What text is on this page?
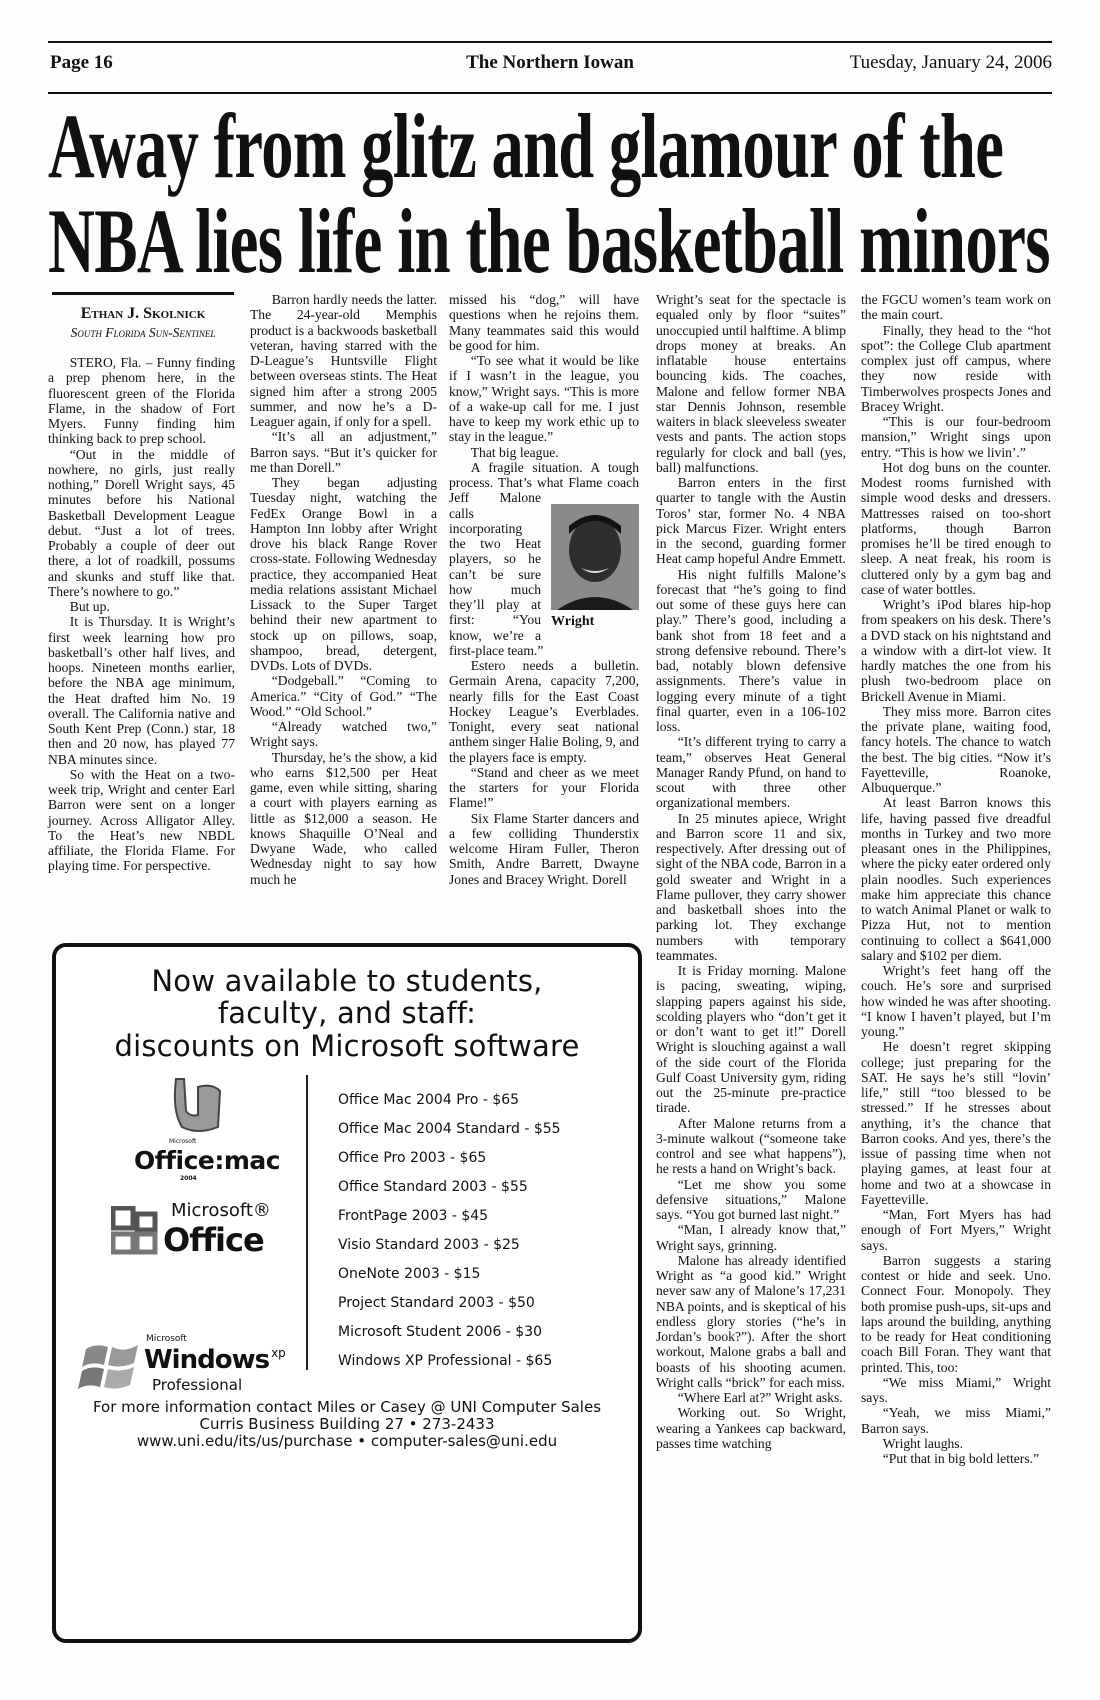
Page 16	The Northern Iowan	Tuesday, January 24, 2006
Away from glitz and glamour of the
NBA lies life in the basketball minors
Ethan J. Skolnick
South Florida Sun-Sentinel

STERO, Fla. – Funny finding a prep phenom here, in the fluorescent green of the Florida Flame, in the shadow of Fort Myers. Funny finding him thinking back to prep school.

“Out in the middle of nowhere, no girls, just really nothing,” Dorell Wright says, 45 minutes before his National Basketball Development League debut. “Just a lot of trees. Probably a couple of deer out there, a lot of roadkill, possums and skunks and stuff like that. There’s nowhere to go.”

But up.

It is Thursday. It is Wright’s first week learning how pro basketball’s other half lives, and hoops. Nineteen months earlier, before the NBA age minimum, the Heat drafted him No. 19 overall. The California native and South Kent Prep (Conn.) star, 18 then and 20 now, has played 77 NBA minutes since.

So with the Heat on a two-week trip, Wright and center Earl Barron were sent on a longer journey. Across Alligator Alley. To the Heat’s new NBDL affiliate, the Florida Flame. For playing time. For perspective.

Barron hardly needs the latter. The 24-year-old Memphis product is a backwoods basketball veteran, having starred with the D-League’s Huntsville Flight between overseas stints. The Heat signed him after a strong 2005 summer, and now he’s a D-Leaguer again, if only for a spell.

“It’s all an adjustment,” Barron says. “But it’s quicker for me than Dorell.”

They began adjusting Tuesday night, watching the FedEx Orange Bowl in a Hampton Inn lobby after Wright drove his black Range Rover cross-state. Following Wednesday practice, they accompanied Heat media relations assistant Michael Lissack to the Super Target behind their new apartment to stock up on pillows, soap, shampoo, bread, detergent, DVDs. Lots of DVDs.

“Dodgeball.” “Coming to America.” “City of God.” “The Wood.” “Old School.”

“Already watched two,” Wright says.

Thursday, he’s the show, a kid who earns $12,500 per Heat game, even while sitting, sharing a court with players earning as little as $12,000 a season. He knows Shaquille O’Neal and Dwyane Wade, who called Wednesday night to say how much he

Wright

missed his “dog,” will have questions when he rejoins them. Many teammates said this would be good for him.

“To see what it would be like if I wasn’t in the league, you know,” Wright says. “This is more of a wake-up call for me. I just have to keep my work ethic up to stay in the league.”

That big league.

A fragile situation. A tough process. That’s what Flame coach Jeff Malone calls incorporating the two Heat players, so he can’t be sure how much they’ll play at first: “You know, we’re a first-place team.”

Estero needs a bulletin. Germain Arena, capacity 7,200, nearly fills for the East Coast Hockey League’s Everblades. Tonight, every seat national anthem singer Halie Boling, 9, and the players face is empty.

“Stand and cheer as we meet the starters for your Florida Flame!”

Six Flame Starter dancers and a few colliding Thunderstix welcome Hiram Fuller, Theron Smith, Andre Barrett, Dwayne Jones and Bracey Wright. Dorell

Wright’s seat for the spectacle is equaled only by floor “suites” unoccupied until halftime. A blimp drops money at breaks. An inflatable house entertains bouncing kids. The coaches, Malone and fellow former NBA star Dennis Johnson, resemble waiters in black sleeveless sweater vests and pants. The action stops regularly for clock and ball (yes, ball) malfunctions.

Barron enters in the first quarter to tangle with the Austin Toros’ star, former No. 4 NBA pick Marcus Fizer. Wright enters in the second, guarding former Heat camp hopeful Andre Emmett.

His night fulfills Malone’s forecast that “he’s going to find out some of these guys here can play.” There’s good, including a bank shot from 18 feet and a strong defensive rebound. There’s bad, notably blown defensive assignments. There’s value in logging every minute of a tight final quarter, even in a 106-102 loss.

“It’s different trying to carry a team,” observes Heat General Manager Randy Pfund, on hand to scout with three other organizational members.

In 25 minutes apiece, Wright and Barron score 11 and six, respectively. After dressing out of sight of the NBA code, Barron in a gold sweater and Wright in a Flame pullover, they carry shower and basketball shoes into the parking lot. They exchange numbers with temporary teammates.

It is Friday morning. Malone is pacing, sweating, wiping, slapping papers against his side, scolding players who “don’t get it or don’t want to get it!” Dorell Wright is slouching against a wall of the side court of the Florida Gulf Coast University gym, riding out the 25-minute pre-practice tirade.

After Malone returns from a 3-minute walkout (“someone take control and see what happens”), he rests a hand on Wright’s back.

“Let me show you some defensive situations,” Malone says. “You got burned last night.”

“Man, I already know that,” Wright says, grinning.

Malone has already identified Wright as “a good kid.” Wright never saw any of Malone’s 17,231 NBA points, and is skeptical of his endless glory stories (“he’s in Jordan’s book?”). After the short workout, Malone grabs a ball and boasts of his shooting acumen. Wright calls “brick” for each miss.

“Where Earl at?” Wright asks.

Working out. So Wright, wearing a Yankees cap backward, passes time watching

the FGCU women’s team work on the main court.

Finally, they head to the “hot spot”: the College Club apartment complex just off campus, where they now reside with Timberwolves prospects Jones and Bracey Wright.

“This is our four-bedroom mansion,” Wright sings upon entry. “This is how we livin’.”

Hot dog buns on the counter. Modest rooms furnished with simple wood desks and dressers. Mattresses raised on too-short platforms, though Barron promises he’ll be tired enough to sleep. A neat freak, his room is cluttered only by a gym bag and case of water bottles.

Wright’s iPod blares hip-hop from speakers on his desk. There’s a DVD stack on his nightstand and a window with a dirt-lot view. It hardly matches the one from his plush two-bedroom place on Brickell Avenue in Miami.

They miss more. Barron cites the private plane, waiting food, fancy hotels. The chance to watch the best. The big cities. “Now it’s Fayetteville, Roanoke, Albuquerque.”

At least Barron knows this life, having passed five dreadful months in Turkey and two more pleasant ones in the Philippines, where the picky eater ordered only plain noodles. Such experiences make him appreciate this chance to watch Animal Planet or walk to Pizza Hut, not to mention continuing to collect a $641,000 salary and $102 per diem.

Wright’s feet hang off the couch. He’s sore and surprised how winded he was after shooting. “I know I haven’t played, but I’m young.”

He doesn’t regret skipping college; just preparing for the SAT. He says he’s still “lovin’ life,” still “too blessed to be stressed.” If he stresses about anything, it’s the chance that Barron cooks. And yes, there’s the issue of passing time when not playing games, at least four at home and two at a showcase in Fayetteville.

“Man, Fort Myers has had enough of Fort Myers,” Wright says.

Barron suggests a staring contest or hide and seek. Uno. Connect Four. Monopoly. They both promise push-ups, sit-ups and laps around the building, anything to be ready for Heat conditioning coach Bill Foran. They want that printed. This, too:

“We miss Miami,” Wright says.

“Yeah, we miss Miami,” Barron says.

Wright laughs.

“Put that in big bold letters.”

Now available to students,
faculty, and staff:
discounts on Microsoft software
Microsoft
Office:mac
2004
Microsoft®
Office
Microsoft
Windows xp
Professional
Office Mac 2004 Pro - $65
Office Mac 2004 Standard - $55
Office Pro 2003 - $65
Office Standard 2003 - $55
FrontPage 2003 - $45
Visio Standard 2003 - $25
OneNote 2003 - $15
Project Standard 2003 - $50
Microsoft Student 2006 - $30
Windows XP Professional - $65
For more information contact Miles or Casey @ UNI Computer Sales
Curris Business Building 27 • 273-2433
www.uni.edu/its/us/purchase • computer-sales@uni.edu
